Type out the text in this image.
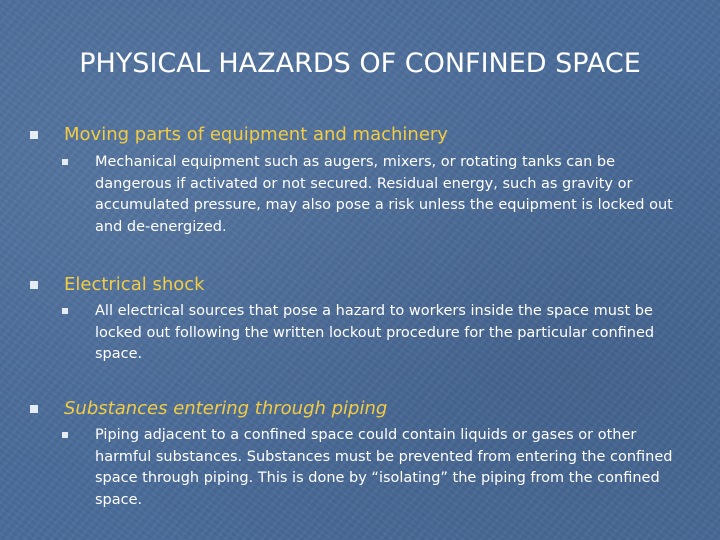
PHYSICAL HAZARDS OF CONFINED SPACE
Moving parts of equipment and machinery
Mechanical equipment such as augers, mixers, or rotating tanks can be dangerous if activated or not secured. Residual energy, such as gravity or accumulated pressure, may also pose a risk unless the equipment is locked out and de-energized.
Electrical shock
All electrical sources that pose a hazard to workers inside the space must be locked out following the written lockout procedure for the particular confined space.
Substances entering through piping
Piping adjacent to a confined space could contain liquids or gases or other harmful substances. Substances must be prevented from entering the confined space through piping. This is done by “isolating” the piping from the confined space.
